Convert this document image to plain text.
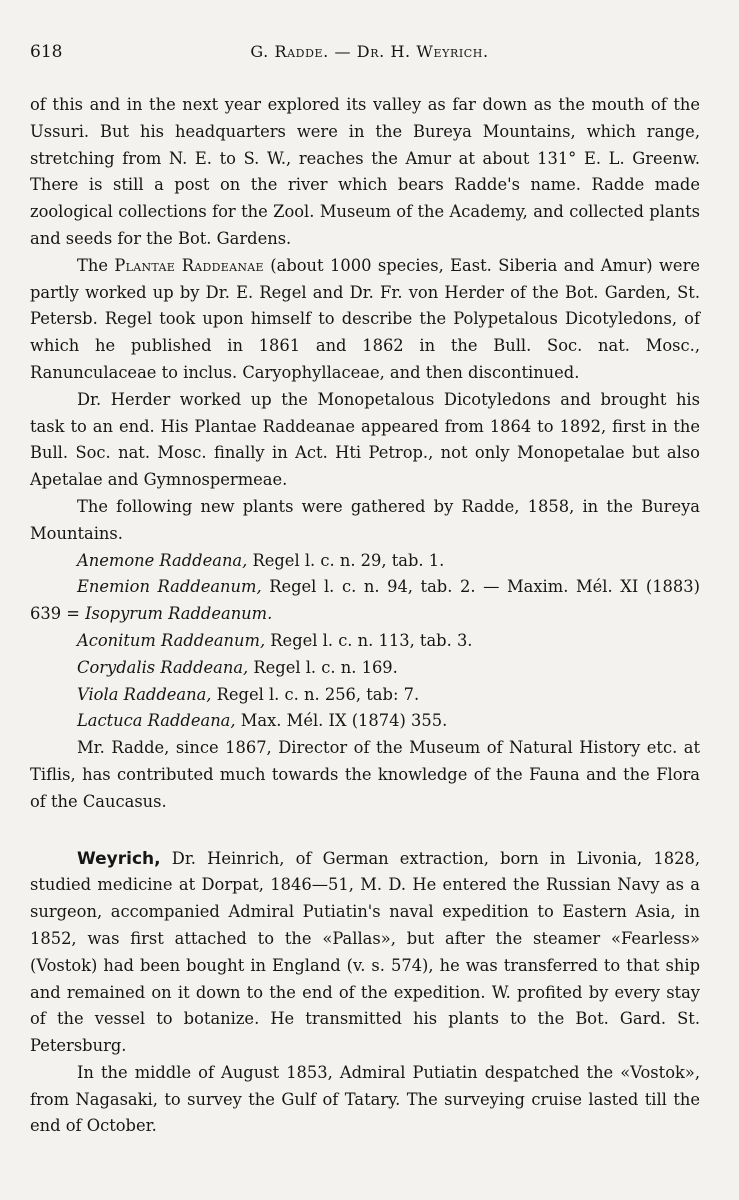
618	G. Radde. — Dr. H. Weyrich.

of this and in the next year explored its valley as far down as the mouth of the Ussuri. But his headquarters were in the Bureya Mountains, which range, stretching from N. E. to S. W., reaches the Amur at about 131° E. L. Greenw. There is still a post on the river which bears Radde's name. Radde made zoological collections for the Zool. Museum of the Academy, and collected plants and seeds for the Bot. Gardens.

The Plantae Raddeanae (about 1000 species, East. Siberia and Amur) were partly worked up by Dr. E. Regel and Dr. Fr. von Herder of the Bot. Garden, St. Petersb. Regel took upon himself to describe the Polypetalous Dicotyledons, of which he published in 1861 and 1862 in the Bull. Soc. nat. Mosc., Ranunculaceae to inclus. Caryophyllaceae, and then discontinued.

Dr. Herder worked up the Monopetalous Dicotyledons and brought his task to an end. His Plantae Raddeanae appeared from 1864 to 1892, first in the Bull. Soc. nat. Mosc. finally in Act. Hti Petrop., not only Monopetalae but also Apetalae and Gymnospermeae.

The following new plants were gathered by Radde, 1858, in the Bureya Mountains.

Anemone Raddeana, Regel l. c. n. 29, tab. 1.

Enemion Raddeanum, Regel l. c. n. 94, tab. 2. — Maxim. Mél. XI (1883) 639 = Isopyrum Raddeanum.

Aconitum Raddeanum, Regel l. c. n. 113, tab. 3.

Corydalis Raddeana, Regel l. c. n. 169.

Viola Raddeana, Regel l. c. n. 256, tab: 7.

Lactuca Raddeana, Max. Mél. IX (1874) 355.

Mr. Radde, since 1867, Director of the Museum of Natural History etc. at Tiflis, has contributed much towards the knowledge of the Fauna and the Flora of the Caucasus.

Weyrich, Dr. Heinrich, of German extraction, born in Livonia, 1828, studied medicine at Dorpat, 1846—51, M. D. He entered the Russian Navy as a surgeon, accompanied Admiral Putiatin's naval expedition to Eastern Asia, in 1852, was first attached to the «Pallas», but after the steamer «Fearless» (Vostok) had been bought in England (v. s. 574), he was transferred to that ship and remained on it down to the end of the expedition. W. profited by every stay of the vessel to botanize. He transmitted his plants to the Bot. Gard. St. Petersburg.

In the middle of August 1853, Admiral Putiatin despatched the «Vostok», from Nagasaki, to survey the Gulf of Tatary. The surveying cruise lasted till the end of October.
